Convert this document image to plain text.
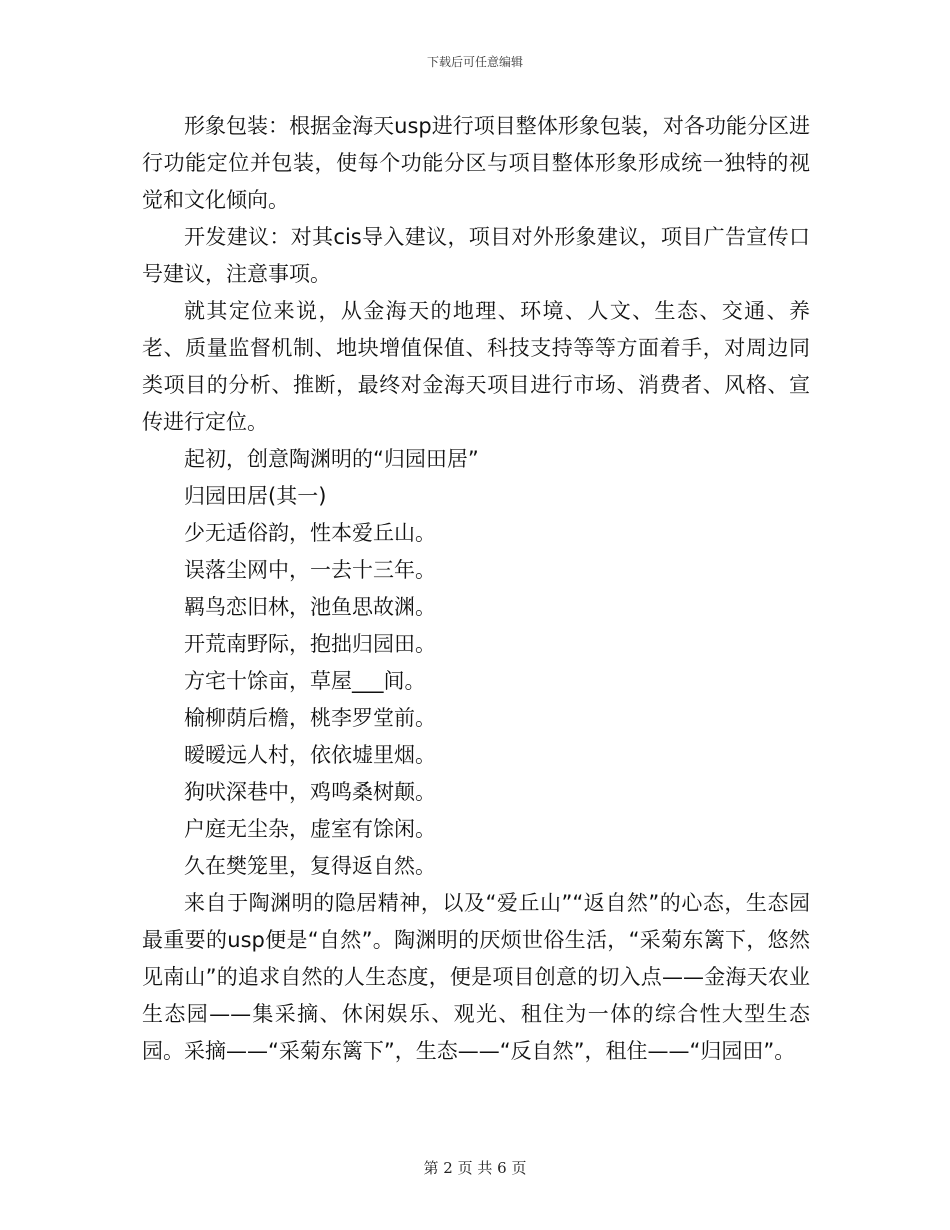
下载后可任意编辑

形象包装：根据金海天usp进行项目整体形象包装，对各功能分区进行功能定位并包装，使每个功能分区与项目整体形象形成统一独特的视觉和文化倾向。

开发建议：对其cis导入建议，项目对外形象建议，项目广告宣传口号建议，注意事项。

就其定位来说，从金海天的地理、环境、人文、生态、交通、养老、质量监督机制、地块增值保值、科技支持等等方面着手，对周边同类项目的分析、推断，最终对金海天项目进行市场、消费者、风格、宣传进行定位。

起初，创意陶渊明的“归园田居”

归园田居(其一)

少无适俗韵，性本爱丘山。

误落尘网中，一去十三年。

羁鸟恋旧林，池鱼思故渊。

开荒南野际，抱拙归园田。

方宅十馀亩，草屋___间。

榆柳荫后檐，桃李罗堂前。

暧暧远人村，依依墟里烟。

狗吠深巷中，鸡鸣桑树颠。

户庭无尘杂，虚室有馀闲。

久在樊笼里，复得返自然。

来自于陶渊明的隐居精神，以及“爱丘山”“返自然”的心态，生态园最重要的usp便是“自然”。陶渊明的厌烦世俗生活，“采菊东篱下，悠然见南山”的追求自然的人生态度，便是项目创意的切入点——金海天农业生态园——集采摘、休闲娱乐、观光、租住为一体的综合性大型生态园。采摘——“采菊东篱下”，生态——“反自然”，租住——“归园田”。

第 2 页 共 6 页
